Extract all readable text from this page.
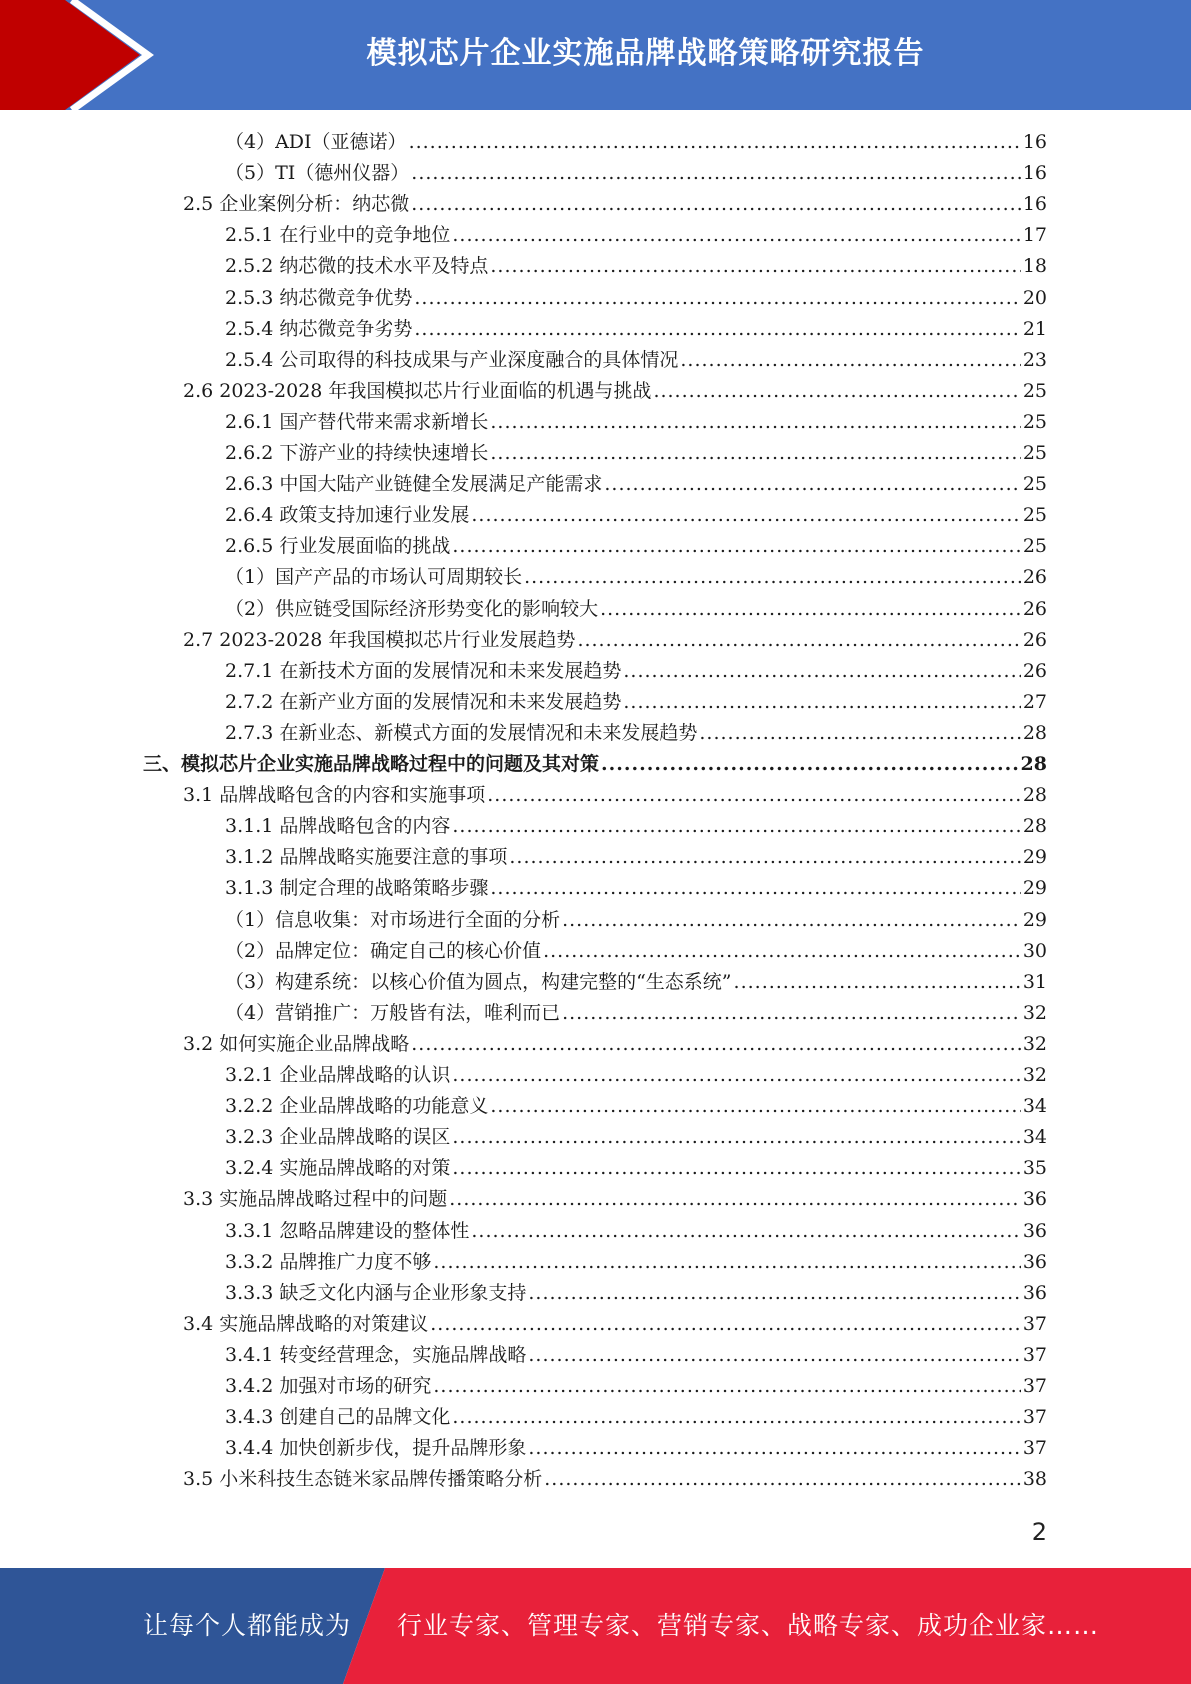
模拟芯片企业实施品牌战略策略研究报告
（4）ADI（亚德诺） .....	16
（5）TI（德州仪器） .....	16
2.5 企业案例分析：纳芯微 .....	16
2.5.1 在行业中的竞争地位 .....	17
2.5.2 纳芯微的技术水平及特点 .....	18
2.5.3 纳芯微竞争优势 .....	20
2.5.4 纳芯微竞争劣势 .....	21
2.5.4 公司取得的科技成果与产业深度融合的具体情况 .....	23
2.6 2023-2028 年我国模拟芯片行业面临的机遇与挑战 .....	25
2.6.1 国产替代带来需求新增长 .....	25
2.6.2 下游产业的持续快速增长 .....	25
2.6.3 中国大陆产业链健全发展满足产能需求 .....	25
2.6.4 政策支持加速行业发展 .....	25
2.6.5 行业发展面临的挑战 .....	25
（1）国产产品的市场认可周期较长 .....	26
（2）供应链受国际经济形势变化的影响较大 .....	26
2.7 2023-2028 年我国模拟芯片行业发展趋势 .....	26
2.7.1 在新技术方面的发展情况和未来发展趋势 .....	26
2.7.2 在新产业方面的发展情况和未来发展趋势 .....	27
2.7.3 在新业态、新模式方面的发展情况和未来发展趋势 .....	28
三、模拟芯片企业实施品牌战略过程中的问题及其对策 .....	28
3.1 品牌战略包含的内容和实施事项 .....	28
3.1.1 品牌战略包含的内容 .....	28
3.1.2 品牌战略实施要注意的事项 .....	29
3.1.3 制定合理的战略策略步骤 .....	29
（1）信息收集：对市场进行全面的分析 .....	29
（2）品牌定位：确定自己的核心价值 .....	30
（3）构建系统：以核心价值为圆点，构建完整的“生态系统” .....	31
（4）营销推广：万般皆有法，唯利而已 .....	32
3.2 如何实施企业品牌战略 .....	32
3.2.1 企业品牌战略的认识 .....	32
3.2.2 企业品牌战略的功能意义 .....	34
3.2.3 企业品牌战略的误区 .....	34
3.2.4 实施品牌战略的对策 .....	35
3.3 实施品牌战略过程中的问题 .....	36
3.3.1 忽略品牌建设的整体性 .....	36
3.3.2 品牌推广力度不够 .....	36
3.3.3 缺乏文化内涵与企业形象支持 .....	36
3.4 实施品牌战略的对策建议 .....	37
3.4.1 转变经营理念，实施品牌战略 .....	37
3.4.2 加强对市场的研究 .....	37
3.4.3 创建自己的品牌文化 .....	37
3.4.4 加快创新步伐，提升品牌形象 .....	37
3.5 小米科技生态链米家品牌传播策略分析 .....	38
2
让每个人都能成为 行业专家、管理专家、营销专家、战略专家、成功企业家……
